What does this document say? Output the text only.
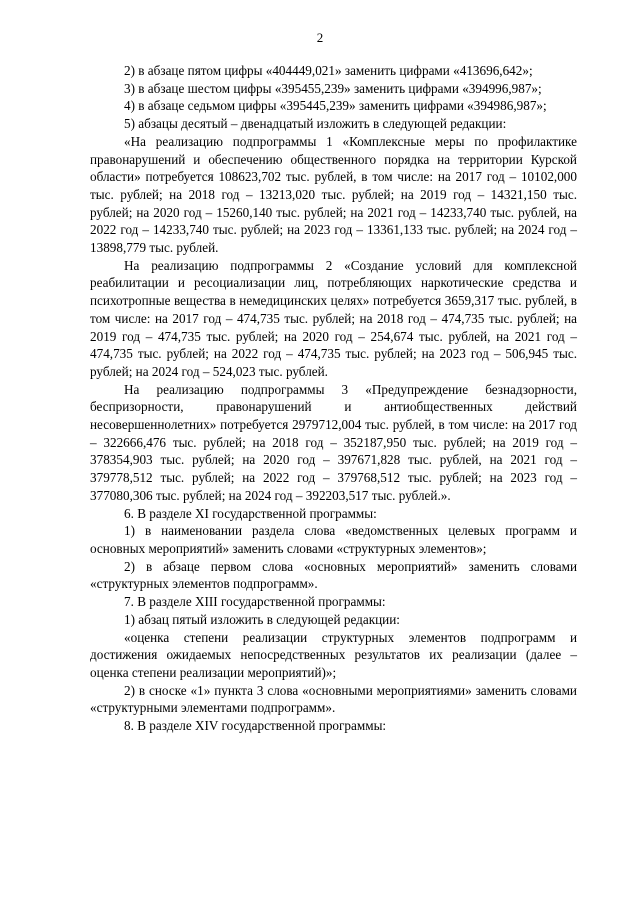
2

2) в абзаце пятом цифры «404449,021» заменить цифрами «413696,642»;

3) в абзаце шестом цифры «395455,239» заменить цифрами «394996,987»;

4) в абзаце седьмом цифры «395445,239» заменить цифрами «394986,987»;

5) абзацы десятый – двенадцатый изложить в следующей редакции:

«На реализацию подпрограммы 1 «Комплексные меры по профилактике правонарушений и обеспечению общественного порядка на территории Курской области» потребуется 108623,702 тыс. рублей, в том числе: на 2017 год – 10102,000 тыс. рублей; на 2018 год – 13213,020 тыс. рублей; на 2019 год – 14321,150 тыс. рублей; на 2020 год – 15260,140 тыс. рублей; на 2021 год – 14233,740 тыс. рублей, на 2022 год – 14233,740 тыс. рублей; на 2023 год – 13361,133 тыс. рублей; на 2024 год – 13898,779 тыс. рублей.

На реализацию подпрограммы 2 «Создание условий для комплексной реабилитации и ресоциализации лиц, потребляющих наркотические средства и психотропные вещества в немедицинских целях» потребуется 3659,317 тыс. рублей, в том числе: на 2017 год – 474,735 тыс. рублей; на 2018 год – 474,735 тыс. рублей; на 2019 год – 474,735 тыс. рублей; на 2020 год – 254,674 тыс. рублей, на 2021 год – 474,735 тыс. рублей; на 2022 год – 474,735 тыс. рублей; на 2023 год – 506,945 тыс. рублей; на 2024 год – 524,023 тыс. рублей.

На реализацию подпрограммы 3 «Предупреждение безнадзорности, беспризорности, правонарушений и антиобщественных действий несовершеннолетних» потребуется 2979712,004 тыс. рублей, в том числе: на 2017 год – 322666,476 тыс. рублей; на 2018 год – 352187,950 тыс. рублей; на 2019 год – 378354,903 тыс. рублей; на 2020 год – 397671,828 тыс. рублей, на 2021 год – 379778,512 тыс. рублей; на 2022 год – 379768,512 тыс. рублей; на 2023 год – 377080,306 тыс. рублей; на 2024 год – 392203,517 тыс. рублей.».

6. В разделе XI государственной программы:

1) в наименовании раздела слова «ведомственных целевых программ и основных мероприятий» заменить словами «структурных элементов»;

2) в абзаце первом слова «основных мероприятий» заменить словами «структурных элементов подпрограмм».

7. В разделе XIII государственной программы:

1) абзац пятый изложить в следующей редакции:

«оценка степени реализации структурных элементов подпрограмм и достижения ожидаемых непосредственных результатов их реализации (далее – оценка степени реализации мероприятий)»;

2) в сноске «1» пункта 3 слова «основными мероприятиями» заменить словами «структурными элементами подпрограмм».

8. В разделе XIV государственной программы:
